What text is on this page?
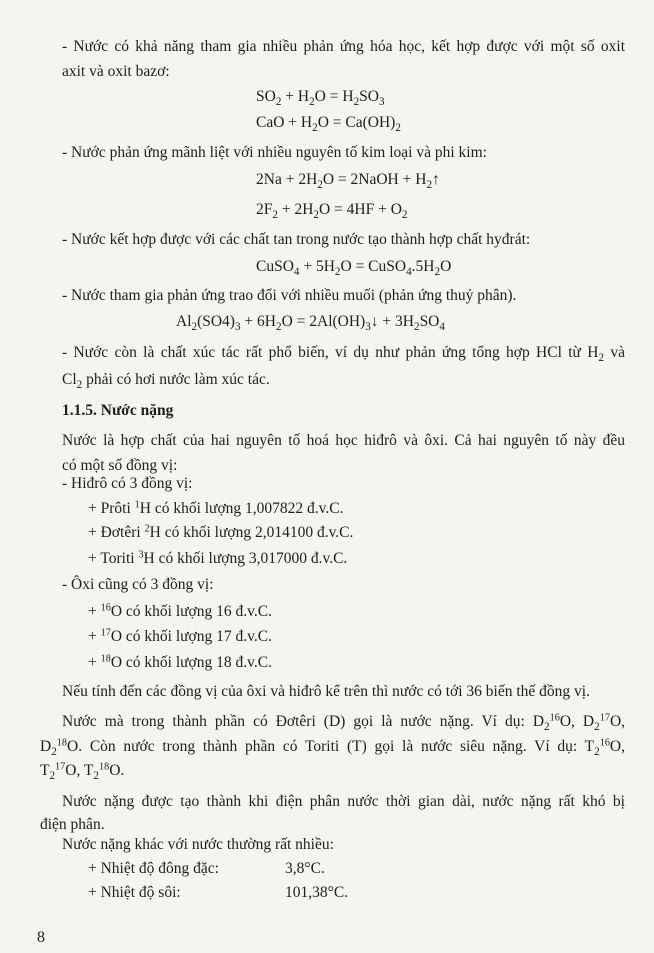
- Nước có khả năng tham gia nhiều phản ứng hóa học, kết hợp được với một số oxit
axit và oxit bazơ:
$SO_2 + H_2O = H_2SO_3$
CaO + $H_2O = Ca(OH)_2$
- Nước phản ứng mãnh liệt với nhiều nguyên tố kim loại và phi kim:
$2Na + 2H_2O$ = 2NaOH + $H_2↑$
$2F_2 + 2H_2O = 4HF + O_2$
- Nước kết hợp được với các chất tan trong nước tạo thành hợp chất hyđrát:
CuSO$_4$ + $5H_2O$ = $CuSO_4.5H_2O$
- Nước tham gia phản ứng trao đổi với nhiều muối (phản ứng thuỷ phân).
$Al_2(SO4)_3 + 6H_2O$ = $2Al(OH)_3↓ + 3H_2SO_4$
- Nước còn là chất xúc tác rất phổ biến, ví dụ như phản ứng tổng hợp HCl từ $H_2$ và
$Cl_2$ phải có hơi nước làm xúc tác.
1.1.5. Nước nặng
Nước là hợp chất của hai nguyên tố hoá học hiđrô và ôxi. Cả hai nguyên tố này đều
có một số đồng vị:
- Hiđrô có 3 đồng vị:
+ Prôti $^1$H có khối lượng 1,007822 đ.v.C.
+ Đơtêri $^2$H có khối lượng 2,014100 đ.v.C.
+ Toriti $^3$H có khối lượng 3,017000 đ.v.C.
- Ôxi cũng có 3 đồng vị:
+ $^{16}$O có khối lượng 16 đ.v.C.
+ $^{17}$O có khối lượng 17 đ.v.C.
+ $^{18}$O có khối lượng 18 đ.v.C.
Nếu tính đến các đồng vị của ôxi và hiđrô kể trên thì nước có tới 36 biến thế đồng vị.
Nước mà trong thành phần có Đơtêri (D) gọi là nước nặng. Ví dụ: $D_2^{16}O$, $D_2^{17}O$,
$D_2^{18}O$. Còn nước trong thành phần có Toriti (T) gọi là nước siêu nặng. Ví dụ: $T_2^{16}O$,
$T_2^{17}O$, $T_2^{18}O$.
Nước nặng được tạo thành khi điện phân nước thời gian dài, nước nặng rất khó bị
điện phân.
Nước nặng khác với nước thường rất nhiều:
+ Nhiệt độ đông đặc:	3,8°C.
+ Nhiệt độ sôi:	101,38°C.
8
